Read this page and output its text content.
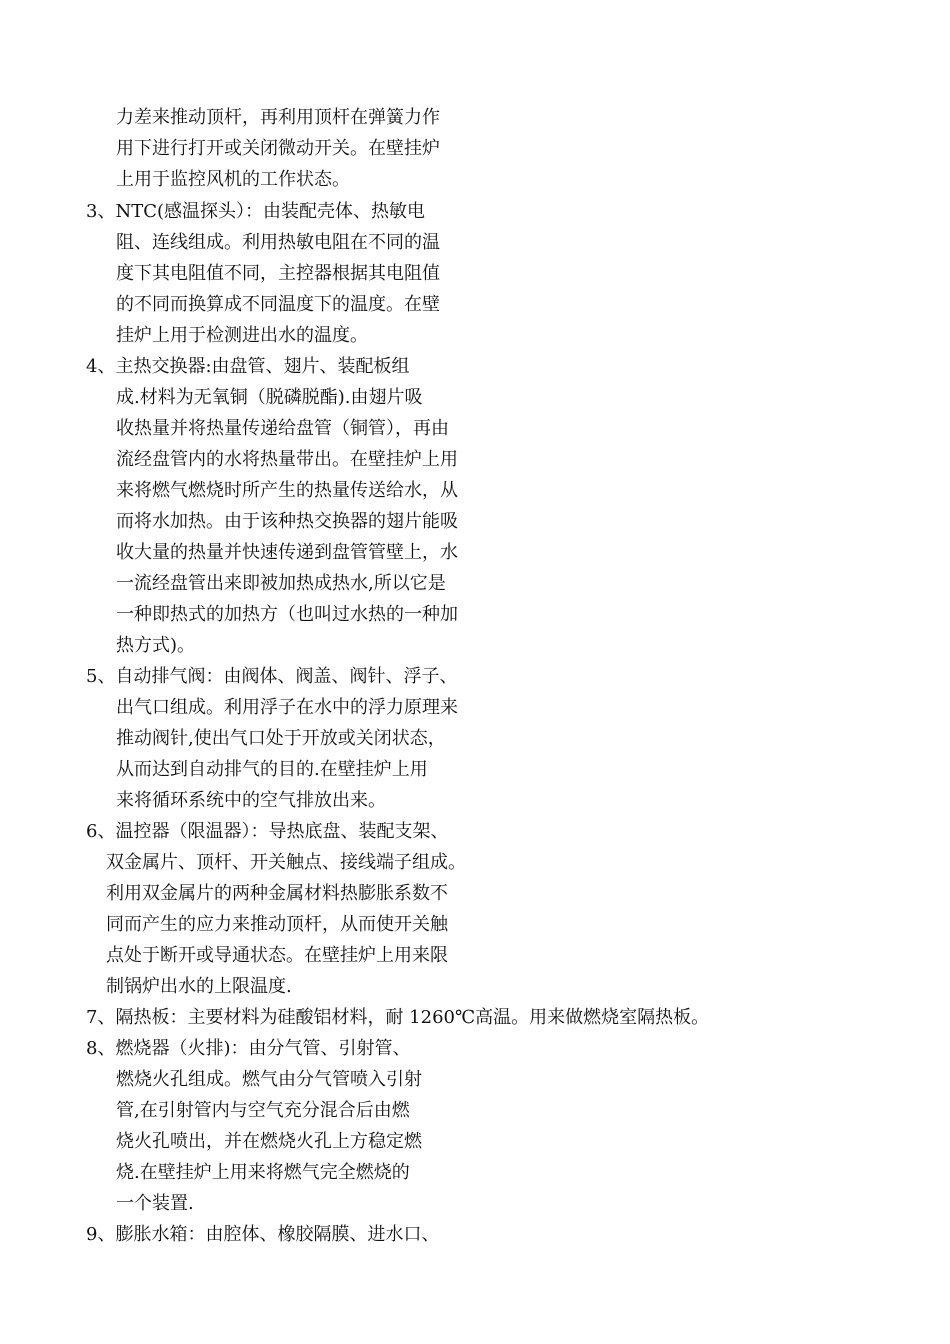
力差来推动顶杆，再利用顶杆在弹簧力作

用下进行打开或关闭微动开关。在壁挂炉

上用于监控风机的工作状态。

3、NTC(感温探头）：由装配壳体、热敏电

阻、连线组成。利用热敏电阻在不同的温

度下其电阻值不同，主控器根据其电阻值

的不同而换算成不同温度下的温度。在壁

挂炉上用于检测进出水的温度。

4、主热交换器:由盘管、翅片、装配板组

成.材料为无氧铜（脱磷脱酯).由翅片吸

收热量并将热量传递给盘管（铜管），再由

流经盘管内的水将热量带出。在壁挂炉上用

来将燃气燃烧时所产生的热量传送给水，从

而将水加热。由于该种热交换器的翅片能吸

收大量的热量并快速传递到盘管管壁上，水

一流经盘管出来即被加热成热水,所以它是

一种即热式的加热方（也叫过水热的一种加

热方式)。

5、自动排气阀：由阀体、阀盖、阀针、浮子、

出气口组成。利用浮子在水中的浮力原理来

推动阀针,使出气口处于开放或关闭状态，

从而达到自动排气的目的.在壁挂炉上用

来将循环系统中的空气排放出来。

6、温控器（限温器）：导热底盘、装配支架、

双金属片、顶杆、开关触点、接线端子组成。

利用双金属片的两种金属材料热膨胀系数不

同而产生的应力来推动顶杆，从而使开关触

点处于断开或导通状态。在壁挂炉上用来限

制锅炉出水的上限温度.

7、隔热板：主要材料为硅酸铝材料，耐 1260℃高温。用来做燃烧室隔热板。

8、燃烧器（火排)：由分气管、引射管、

燃烧火孔组成。燃气由分气管喷入引射

管,在引射管内与空气充分混合后由燃

烧火孔喷出，并在燃烧火孔上方稳定燃

烧.在壁挂炉上用来将燃气完全燃烧的

一个装置.

9、膨胀水箱：由腔体、橡胶隔膜、进水口、
